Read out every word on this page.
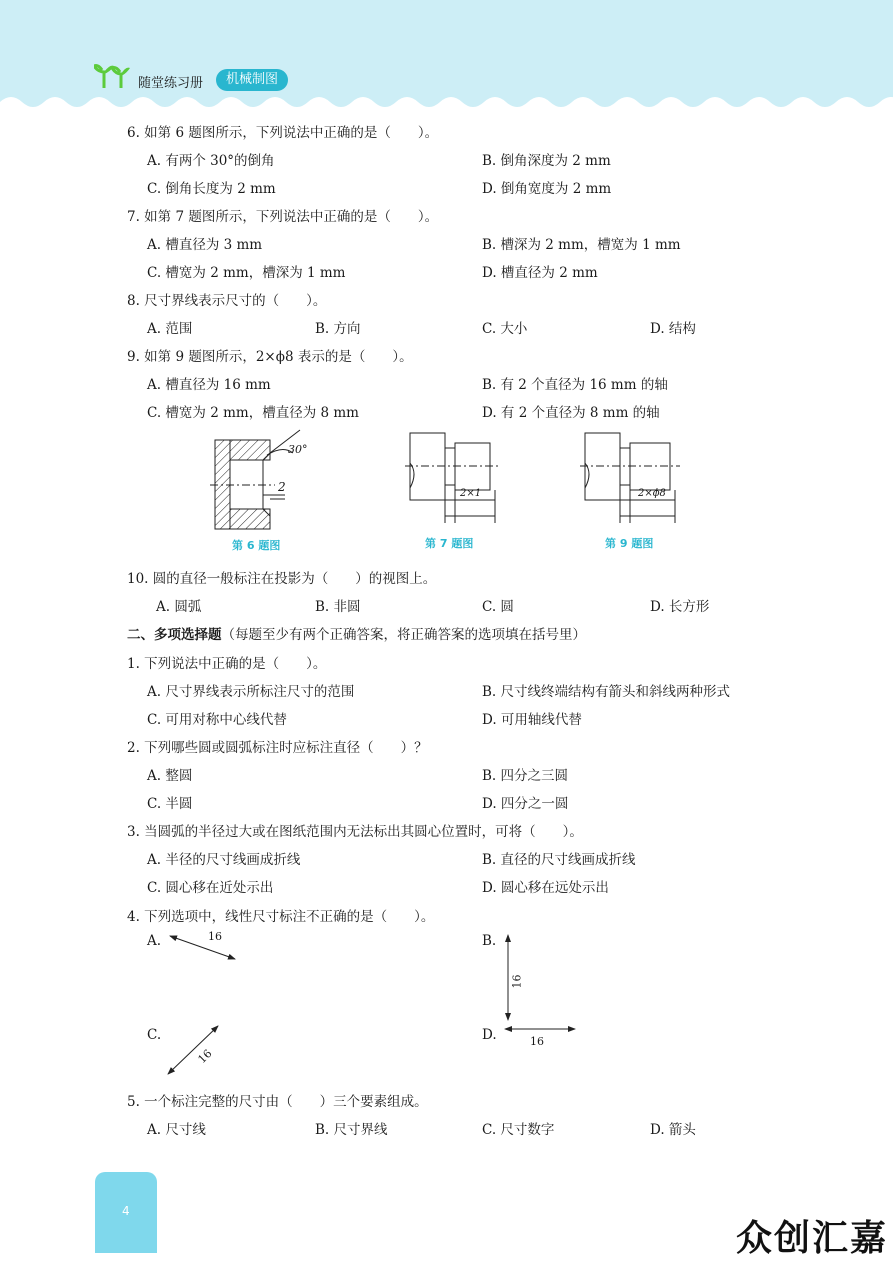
随堂练习册	机械制图
6. 如第 6 题图所示，下列说法中正确的是（　　）。
A. 有两个 30°的倒角	B. 倒角深度为 2 mm
C. 倒角长度为 2 mm	D. 倒角宽度为 2 mm
7. 如第 7 题图所示，下列说法中正确的是（　　）。
A. 槽直径为 3 mm	B. 槽深为 2 mm，槽宽为 1 mm
C. 槽宽为 2 mm，槽深为 1 mm	D. 槽直径为 2 mm
8. 尺寸界线表示尺寸的（　　）。
A. 范围	B. 方向	C. 大小	D. 结构
9. 如第 9 题图所示，2×ϕ8 表示的是（　　）。
A. 槽直径为 16 mm	B. 有 2 个直径为 16 mm 的轴
C. 槽宽为 2 mm，槽直径为 8 mm	D. 有 2 个直径为 8 mm 的轴
30°
2
第 6 题图
2×1
第 7 题图
2×ϕ8
第 9 题图
10. 圆的直径一般标注在投影为（　　）的视图上。
A. 圆弧	B. 非圆	C. 圆	D. 长方形
二、多项选择题（每题至少有两个正确答案，将正确答案的选项填在括号里）
1. 下列说法中正确的是（　　）。
A. 尺寸界线表示所标注尺寸的范围	B. 尺寸线终端结构有箭头和斜线两种形式
C. 可用对称中心线代替	D. 可用轴线代替
2. 下列哪些圆或圆弧标注时应标注直径（　　）？
A. 整圆	B. 四分之三圆
C. 半圆	D. 四分之一圆
3. 当圆弧的半径过大或在图纸范围内无法标出其圆心位置时，可将（　　）。
A. 半径的尺寸线画成折线	B. 直径的尺寸线画成折线
C. 圆心移在近处示出	D. 圆心移在远处示出
4. 下列选项中，线性尺寸标注不正确的是（　　）。
A.	B.
C.	D.
16
16
16
16
5. 一个标注完整的尺寸由（　　）三个要素组成。
A. 尺寸线	B. 尺寸界线	C. 尺寸数字	D. 箭头
4
众创汇嘉
